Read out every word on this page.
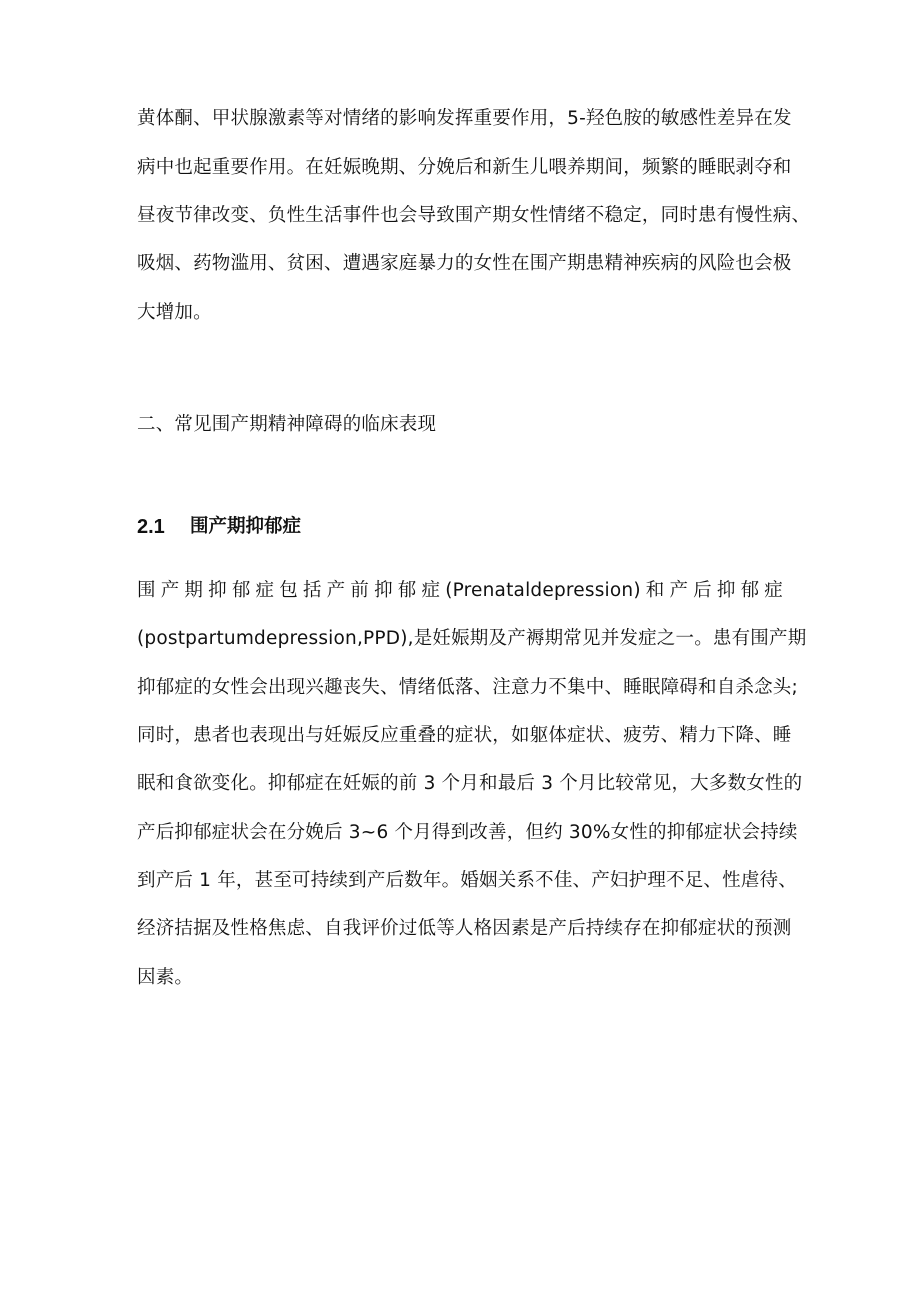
黄体酮、甲状腺激素等对情绪的影响发挥重要作用，5-羟色胺的敏感性差异在发
病中也起重要作用。在妊娠晚期、分娩后和新生儿喂养期间，频繁的睡眠剥夺和
昼夜节律改变、负性生活事件也会导致围产期女性情绪不稳定，同时患有慢性病、
吸烟、药物滥用、贫困、遭遇家庭暴力的女性在围产期患精神疾病的风险也会极
大增加。
二、常见围产期精神障碍的临床表现
2.1 围产期抑郁症
围产期抑郁症包括产前抑郁症(Prenataldepression)和产后抑郁症
(postpartumdepression,PPD),是妊娠期及产褥期常见并发症之一。患有围产期
抑郁症的女性会出现兴趣丧失、情绪低落、注意力不集中、睡眠障碍和自杀念头;
同时，患者也表现出与妊娠反应重叠的症状，如躯体症状、疲劳、精力下降、睡
眠和食欲变化。抑郁症在妊娠的前 3 个月和最后 3 个月比较常见，大多数女性的
产后抑郁症状会在分娩后 3~6 个月得到改善，但约 30%女性的抑郁症状会持续
到产后 1 年，甚至可持续到产后数年。婚姻关系不佳、产妇护理不足、性虐待、
经济拮据及性格焦虑、自我评价过低等人格因素是产后持续存在抑郁症状的预测
因素。
